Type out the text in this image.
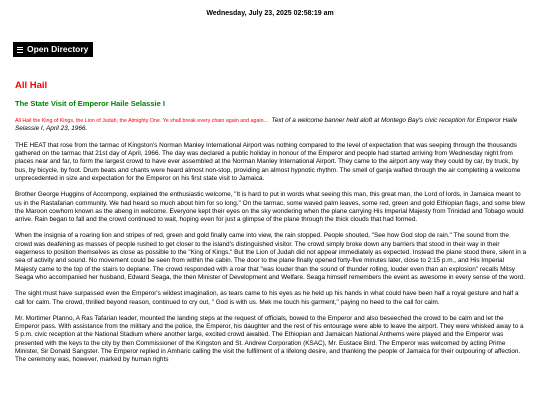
Wednesday, July 23, 2025 02:58:19 am
Open Directory
All Hail
The State Visit of Emperor Haile Selassie I

All Hail the King of Kings, the Lion of Judah, the Almighty One. Ye shall break every chain again and again... Text of a welcome banner held aloft at Montego Bay's civic reception for Emperor Haile Selassie I, April 23, 1966.

THE HEAT that rose from the tarmac of Kingston's Norman Manley International Airport was nothing compared to the level of expectation that was seeping through the thousands gathered on the tarmac that 21st day of April, 1966. The day was declared a public holiday in honour of the Emperor and people had started arriving from Wednesday night from places near and far, to form the largest crowd to have ever assembled at the Norman Manley International Airport. They came to the airport any way they could by car, by truck, by bus, by bicycle, by foot. Drum beats and chants were heard almost non-stop, providing an almost hypnotic rhythm. The smell of ganja wafted through the air completing a welcome unprecedented in size and expectation for the Emperor on his first state visit to Jamaica.

Brother George Huggins of Accompong, explained the enthusiastic welcome, "It is hard to put in words what seeing this man, this great man, the Lord of lords, in Jamaica meant to us in the Rastafarian community. We had heard so much about him for so long." On the tarmac, some waved palm leaves, some red, green and gold Ethiopian flags, and some blew the Maroon cowhorn known as the abeng in welcome. Everyone kept their eyes on the sky wondering when the plane carrying His Imperial Majesty from Trinidad and Tobago would arrive. Rain began to fall and the crowd continued to wait, hoping even for just a glimpse of the plane through the thick clouds that had formed.

When the insignia of a roaring lion and stripes of red, green and gold finally came into view, the rain stopped. People shouted, "See how God stop de rain." The sound from the crowd was deafening as masses of people rushed to get closer to the island's distinguished visitor. The crowd simply broke down any barriers that stood in their way in their eagerness to position themselves as close as possible to the "King of Kings." But the Lion of Judah did not appear immediately as expected. Instead the plane stood there, silent in a sea of activity and sound. No movement could be seen from within the cabin. The door to the plane finally opened forty-five minutes later, close to 2:15 p.m., and His Imperial Majesty came to the top of the stairs to deplane. The crowd responded with a roar that "was louder than the sound of thunder rolling, louder even than an explosion" recalls Mitsy Seaga who accompanied her husband, Edward Seaga, the then Minister of Development and Welfare. Seaga himself remembers the event as awesome in every sense of the word.

The sight must have surpassed even the Emperor's wildest imagination, as tears came to his eyes as he held up his hands in what could have been half a royal gesture and half a call for calm. The crowd, thrilled beyond reason, continued to cry out, " God is with us. Mek me touch his garment," paying no heed to the call for calm.

Mr. Mortimer Planno, A Ras Tafarian leader, mounted the landing steps at the request of officials, bowed to the Emperor and also beseeched the crowd to be calm and let the Emperor pass. With assistance from the military and the police, the Emperor, his daughter and the rest of his entourage were able to leave the airport. They were whisked away to a 5 p.m. civic reception at the National Stadium where another large, excited crowd awaited. The Ethiopian and Jamaican National Anthems were played and the Emperor was presented with the keys to the city by then Commissioner of the Kingston and St. Andrew Corporation (KSAC), Mr. Eustace Bird. The Emperor was welcomed by acting Prime Minister, Sir Donald Sangster. The Emperor replied in Amharic calling the visit the fulfilment of a lifelong desire, and thanking the people of Jamaica for their outpouring of affection. The ceremony was, however, marked by human rights
